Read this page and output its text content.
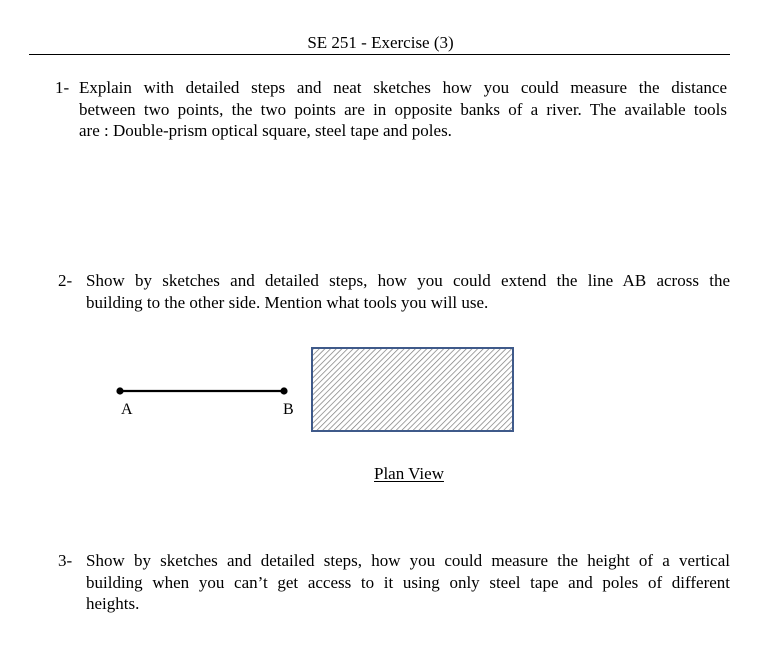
SE 251 - Exercise (3)
1- Explain with detailed steps and neat sketches how you could measure the distance
between two points, the two points are in opposite banks of a river. The available tools
are : Double-prism optical square, steel tape and poles.
2- Show by sketches and detailed steps, how you could extend the line AB across the
building to the other side. Mention what tools you will use.
A	B
Plan View
3- Show by sketches and detailed steps, how you could measure the height of a vertical
building when you can’t get access to it using only steel tape and poles of different
heights.
